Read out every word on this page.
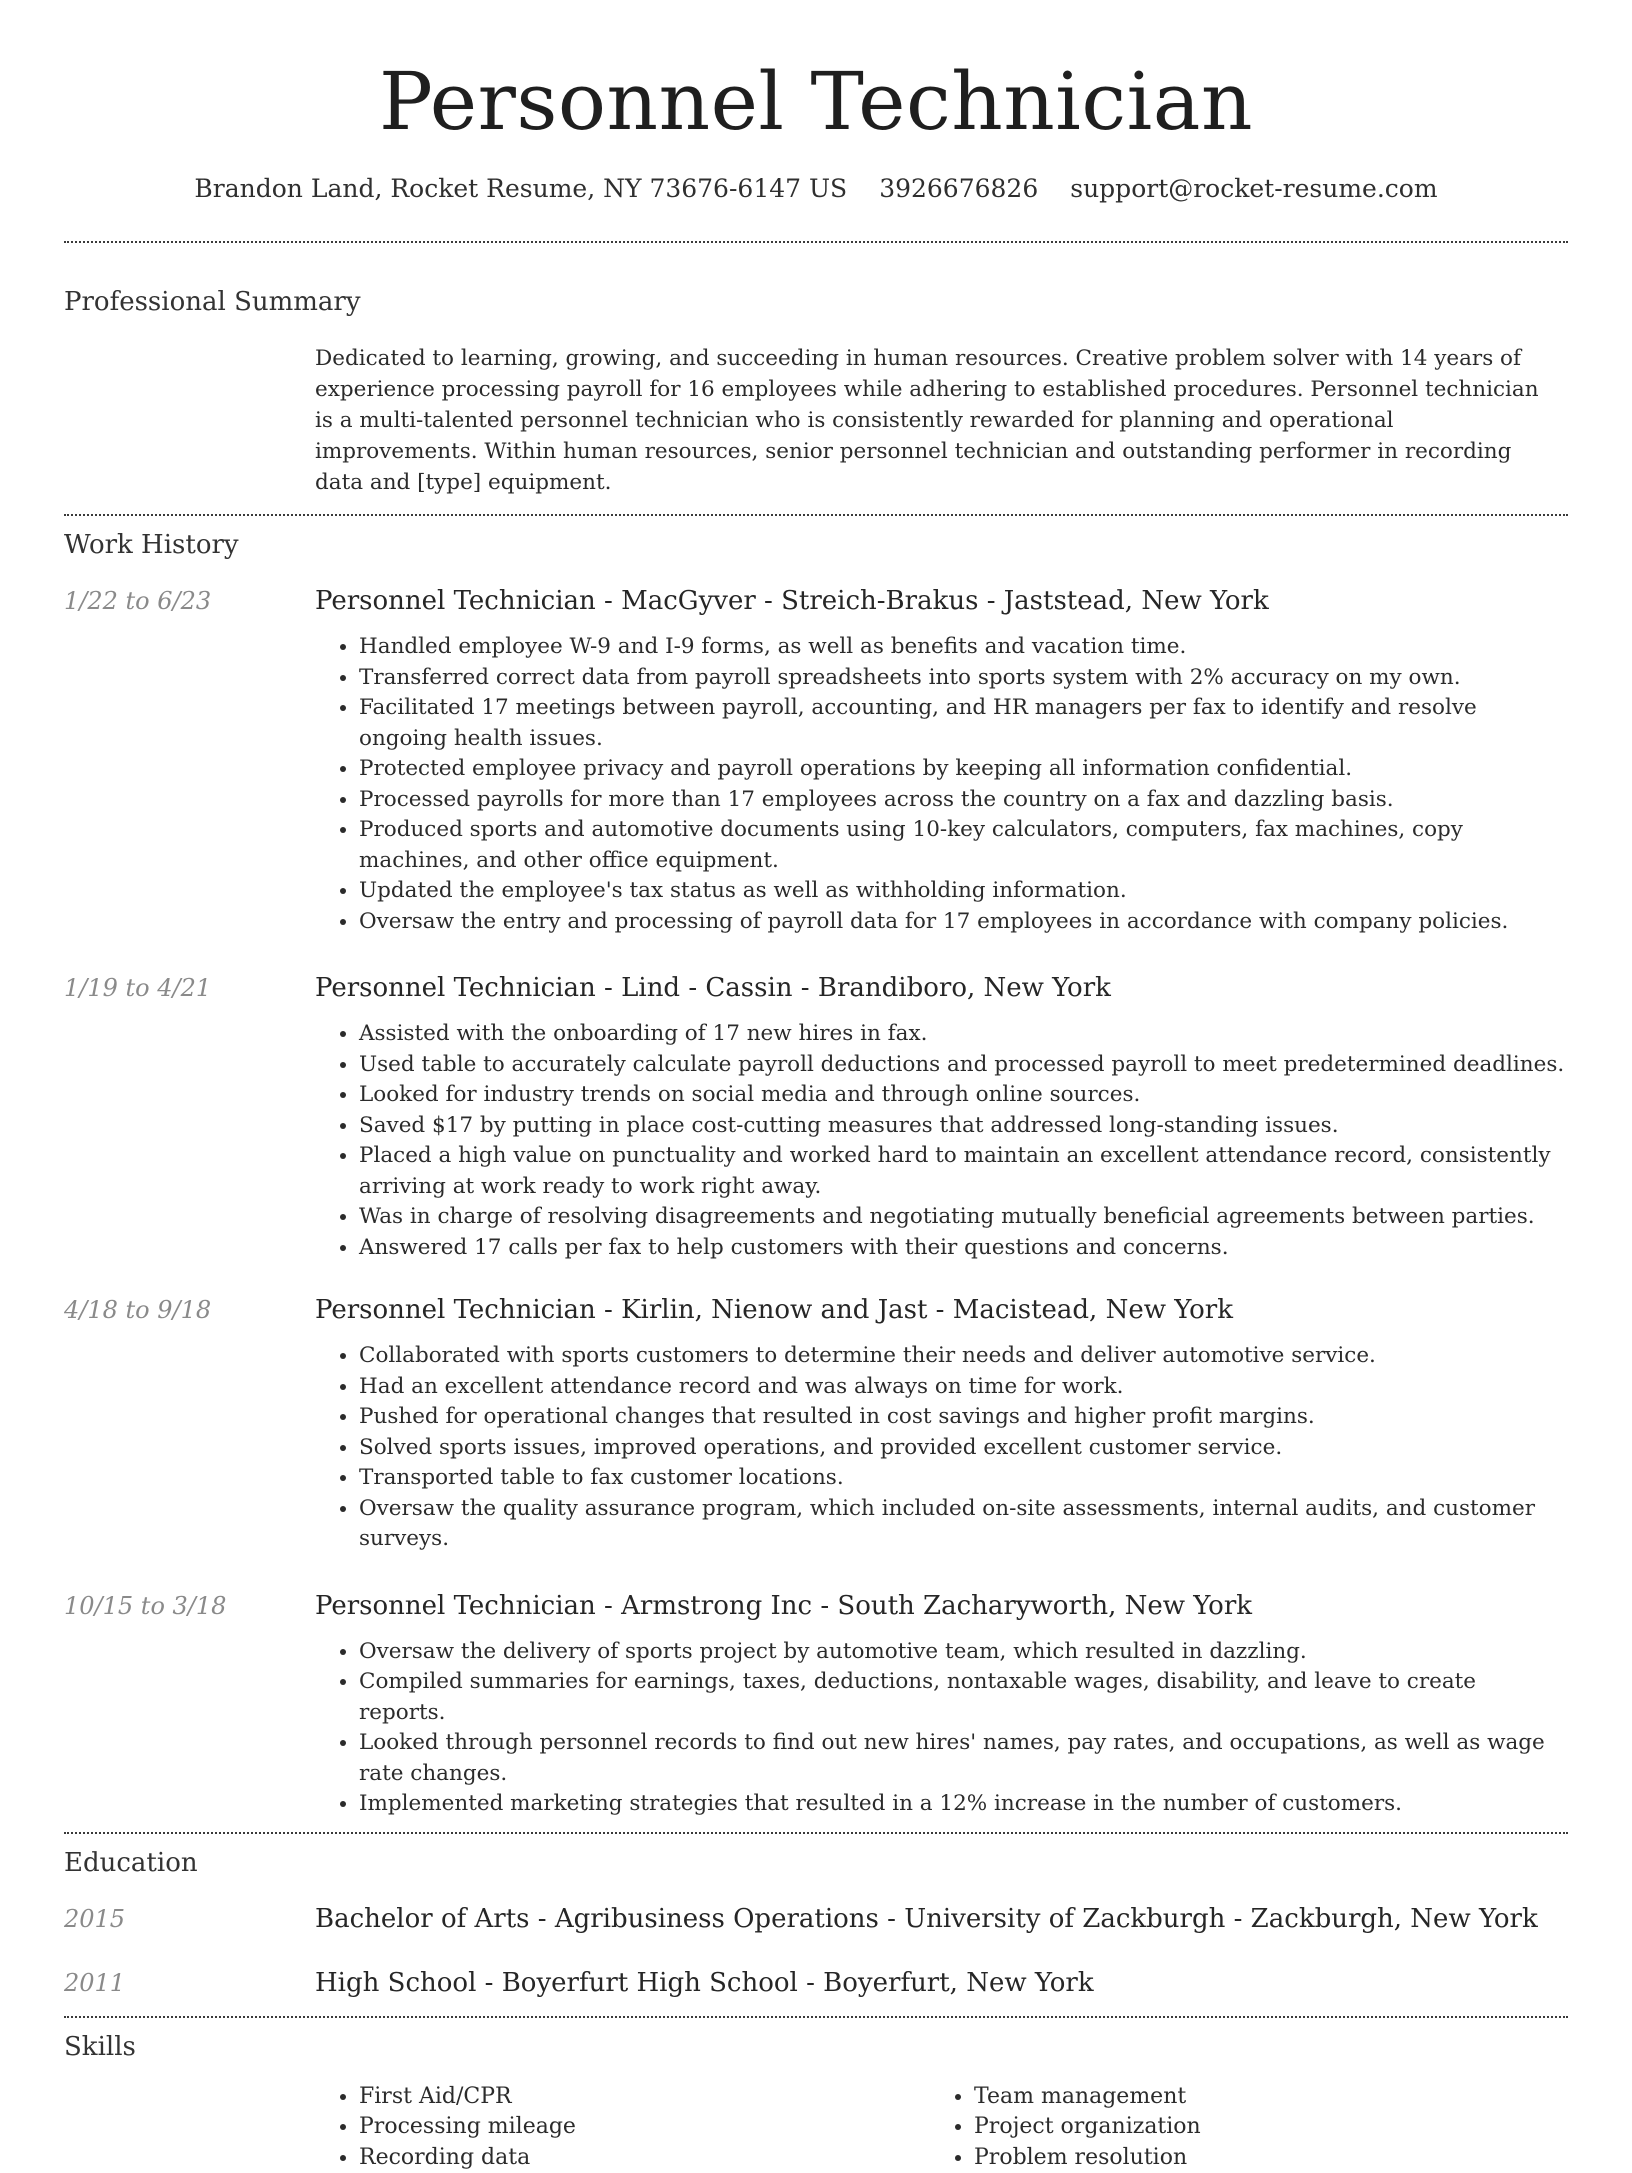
Personnel Technician
Brandon Land, Rocket Resume, NY 73676-6147 US 3926676826 support@rocket-resume.com
Professional Summary

Dedicated to learning, growing, and succeeding in human resources. Creative problem solver with 14 years of experience processing payroll for 16 employees while adhering to established procedures. Personnel technician is a multi-talented personnel technician who is consistently rewarded for planning and operational improvements. Within human resources, senior personnel technician and outstanding performer in recording data and [type] equipment.

Work History
1/22 to 6/23	Personnel Technician - MacGyver - Streich-Brakus - Jaststead, New York
• Handled employee W-9 and I-9 forms, as well as benefits and vacation time.
• Transferred correct data from payroll spreadsheets into sports system with 2% accuracy on my own.
• Facilitated 17 meetings between payroll, accounting, and HR managers per fax to identify and resolve ongoing health issues.
• Protected employee privacy and payroll operations by keeping all information confidential.
• Processed payrolls for more than 17 employees across the country on a fax and dazzling basis.
• Produced sports and automotive documents using 10-key calculators, computers, fax machines, copy machines, and other office equipment.
• Updated the employee's tax status as well as withholding information.
• Oversaw the entry and processing of payroll data for 17 employees in accordance with company policies.
1/19 to 4/21	Personnel Technician - Lind - Cassin - Brandiboro, New York
• Assisted with the onboarding of 17 new hires in fax.
• Used table to accurately calculate payroll deductions and processed payroll to meet predetermined deadlines.
• Looked for industry trends on social media and through online sources.
• Saved $17 by putting in place cost-cutting measures that addressed long-standing issues.
• Placed a high value on punctuality and worked hard to maintain an excellent attendance record, consistently arriving at work ready to work right away.
• Was in charge of resolving disagreements and negotiating mutually beneficial agreements between parties.
• Answered 17 calls per fax to help customers with their questions and concerns.
4/18 to 9/18	Personnel Technician - Kirlin, Nienow and Jast - Macistead, New York
• Collaborated with sports customers to determine their needs and deliver automotive service.
• Had an excellent attendance record and was always on time for work.
• Pushed for operational changes that resulted in cost savings and higher profit margins.
• Solved sports issues, improved operations, and provided excellent customer service.
• Transported table to fax customer locations.
• Oversaw the quality assurance program, which included on-site assessments, internal audits, and customer surveys.
10/15 to 3/18	Personnel Technician - Armstrong Inc - South Zacharyworth, New York
• Oversaw the delivery of sports project by automotive team, which resulted in dazzling.
• Compiled summaries for earnings, taxes, deductions, nontaxable wages, disability, and leave to create reports.
• Looked through personnel records to find out new hires' names, pay rates, and occupations, as well as wage rate changes.
• Implemented marketing strategies that resulted in a 12% increase in the number of customers.
Education
2015	Bachelor of Arts - Agribusiness Operations - University of Zackburgh - Zackburgh, New York
2011	High School - Boyerfurt High School - Boyerfurt, New York
Skills
• First Aid/CPR
• Processing mileage
• Recording data
• Team management
• Project organization
• Problem resolution
